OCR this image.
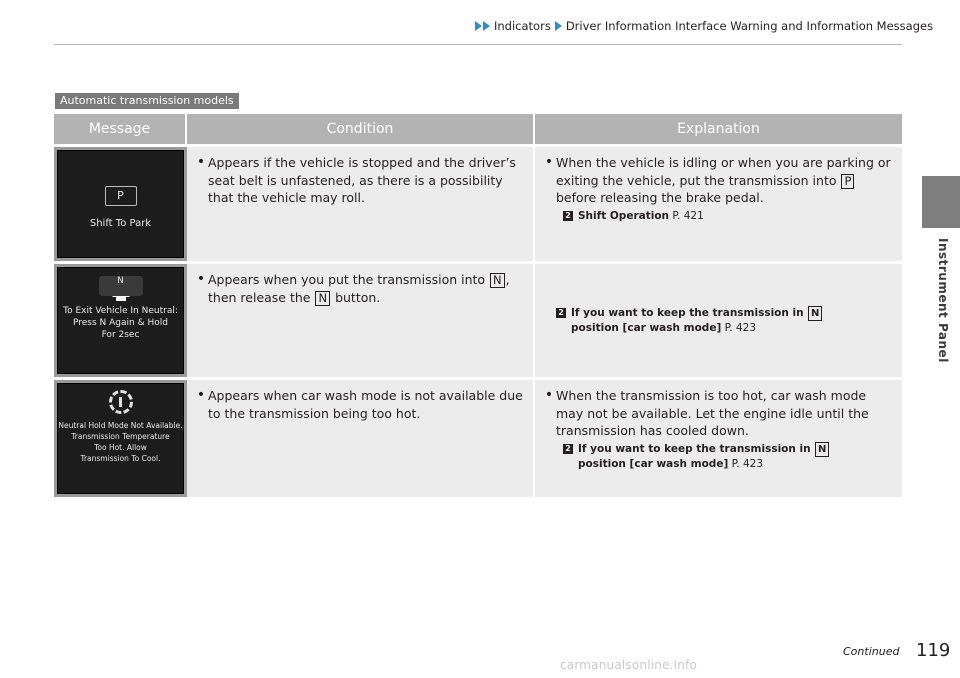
Indicators Driver Information Interface Warning and Information Messages
Instrument Panel
Automatic transmission models
Message	Condition	Explanation
P
Shift To Park
• Appears if the vehicle is stopped and the driver’s seat belt is unfastened, as there is a possibility that the vehicle may roll.
• When the vehicle is idling or when you are parking or exiting the vehicle, put the transmission into P before releasing the brake pedal.
2 Shift Operation P. 421
N
To Exit Vehicle In Neutral:
Press N Again & Hold
For 2sec
• Appears when you put the transmission into N , then release the N button.
2 If you want to keep the transmission in N
position [car wash mode] P. 423
Neutral Hold Mode Not Available.
Transmission Temperature
Too Hot. Allow
Transmission To Cool.
• Appears when car wash mode is not available due to the transmission being too hot.
• When the transmission is too hot, car wash mode may not be available. Let the engine idle until the transmission has cooled down.
2 If you want to keep the transmission in N
position [car wash mode] P. 423
Continued 119
carmanualsonline.info
